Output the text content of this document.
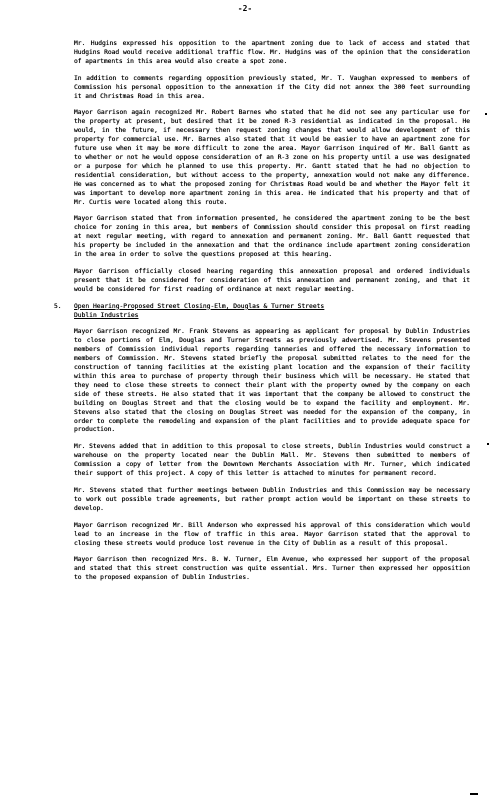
-2-

Mr. Hudgins expressed his opposition to the apartment zoning due to lack of access and stated that Hudgins Road would receive additional traffic flow. Mr. Hudgins was of the opinion that the consideration of apartments in this area would also create a spot zone.

In addition to comments regarding opposition previously stated, Mr. T. Vaughan expressed to members of Commission his personal opposition to the annexation if the City did not annex the 300 feet surrounding it and Christmas Road in this area.

Mayor Garrison again recognized Mr. Robert Barnes who stated that he did not see any particular use for the property at present, but desired that it be zoned R-3 residential as indicated in the proposal. He would, in the future, if necessary then request zoning changes that would allow development of this property for commercial use. Mr. Barnes also stated that it would be easier to have an apartment zone for future use when it may be more difficult to zone the area. Mayor Garrison inquired of Mr. Ball Gantt as to whether or not he would oppose consideration of an R-3 zone on his property until a use was designated or a purpose for which he planned to use this property. Mr. Gantt stated that he had no objection to residential consideration, but without access to the property, annexation would not make any difference. He was concerned as to what the proposed zoning for Christmas Road would be and whether the Mayor felt it was important to develop more apartment zoning in this area. He indicated that his property and that of Mr. Curtis were located along this route.

Mayor Garrison stated that from information presented, he considered the apartment zoning to be the best choice for zoning in this area, but members of Commission should consider this proposal on first reading at next regular meeting, with regard to annexation and permanent zoning. Mr. Ball Gantt requested that his property be included in the annexation and that the ordinance include apartment zoning consideration in the area in order to solve the questions proposed at this hearing.

Mayor Garrison officially closed hearing regarding this annexation proposal and ordered individuals present that it be considered for consideration of this annexation and permanent zoning, and that it would be considered for first reading of ordinance at next regular meeting.

5. Open Hearing-Proposed Street Closing-Elm, Douglas & Turner Streets
Dublin Industries

Mayor Garrison recognized Mr. Frank Stevens as appearing as applicant for proposal by Dublin Industries to close portions of Elm, Douglas and Turner Streets as previously advertised. Mr. Stevens presented members of Commission individual reports regarding tanneries and offered the necessary information to members of Commission. Mr. Stevens stated briefly the proposal submitted relates to the need for the construction of tanning facilities at the existing plant location and the expansion of their facility within this area to purchase of property through their business which will be necessary. He stated that they need to close these streets to connect their plant with the property owned by the company on each side of these streets. He also stated that it was important that the company be allowed to construct the building on Douglas Street and that the closing would be to expand the facility and employment. Mr. Stevens also stated that the closing on Douglas Street was needed for the expansion of the company, in order to complete the remodeling and expansion of the plant facilities and to provide adequate space for production.

Mr. Stevens added that in addition to this proposal to close streets, Dublin Industries would construct a warehouse on the property located near the Dublin Mall. Mr. Stevens then submitted to members of Commission a copy of letter from the Downtown Merchants Association with Mr. Turner, which indicated their support of this project. A copy of this letter is attached to minutes for permanent record.

Mr. Stevens stated that further meetings between Dublin Industries and this Commission may be necessary to work out possible trade agreements, but rather prompt action would be important on these streets to develop.

Mayor Garrison recognized Mr. Bill Anderson who expressed his approval of this consideration which would lead to an increase in the flow of traffic in this area. Mayor Garrison stated that the approval to closing these streets would produce lost revenue in the City of Dublin as a result of this proposal.

Mayor Garrison then recognized Mrs. B. W. Turner, Elm Avenue, who expressed her support of the proposal and stated that this street construction was quite essential. Mrs. Turner then expressed her opposition to the proposed expansion of Dublin Industries.
